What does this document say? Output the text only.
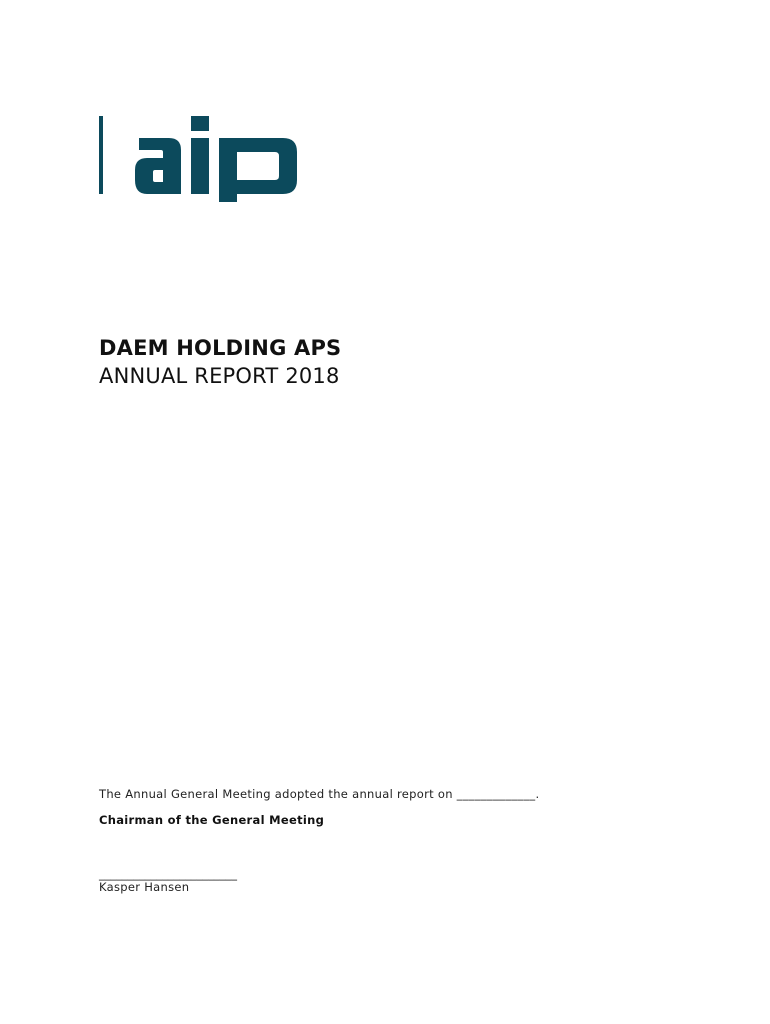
DAEM HOLDING APS
ANNUAL REPORT 2018
The Annual General Meeting adopted the annual report on _____________.
Chairman of the General Meeting
________________________
Kasper Hansen
